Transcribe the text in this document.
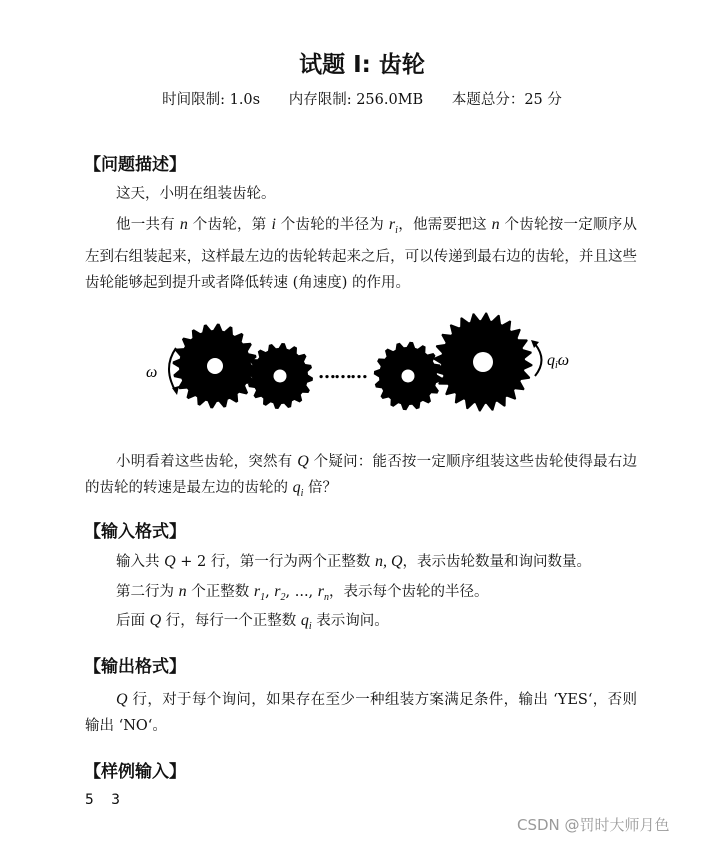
试题 I: 齿轮
时间限制: 1.0s 内存限制: 256.0MB 本题总分：25 分
【问题描述】
这天，小明在组装齿轮。
他一共有 n 个齿轮，第 i 个齿轮的半径为 $r_i$，他需要把这 n 个齿轮按一定顺序从左到右组装起来，这样最左边的齿轮转起来之后，可以传递到最右边的齿轮，并且这些齿轮能够起到提升或者降低转速 (角速度) 的作用。
ω	………
qiω
小明看着这些齿轮，突然有 Q 个疑问：能否按一定顺序组装这些齿轮使得最右边的齿轮的转速是最左边的齿轮的 $q_i$ 倍？
【输入格式】
输入共 Q + 2 行，第一行为两个正整数 n, Q，表示齿轮数量和询问数量。
第二行为 n 个正整数 $r_1$, $r_2$, ..., $r_n$，表示每个齿轮的半径。
后面 Q 行，每行一个正整数 $q_i$ 表示询问。
【输出格式】
Q 行，对于每个询问，如果存在至少一种组装方案满足条件，输出 ‘YES‘，否则输出 ‘NO‘。
【样例输入】
5  3
CSDN @罚时大师月色
